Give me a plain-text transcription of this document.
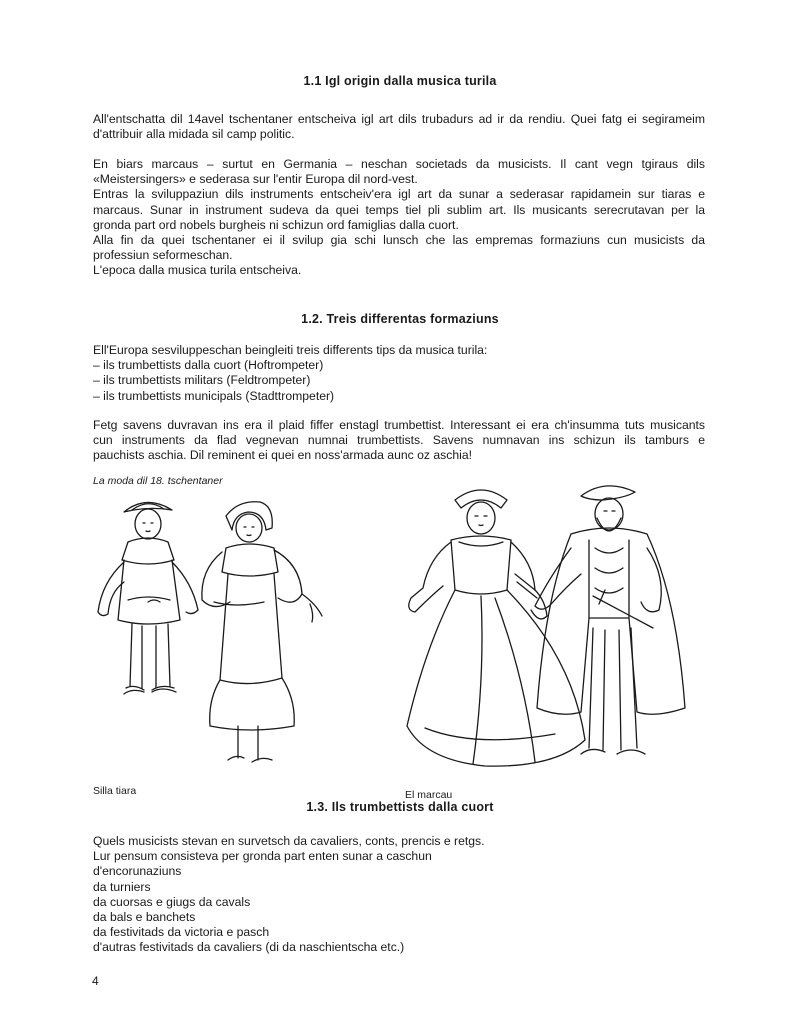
1.1 Igl origin dalla musica turila
All'entschatta dil 14avel tschentaner entscheiva igl art dils trubadurs ad ir da rendiu. Quei fatg ei segirameim
d'attribuir alla midada sil camp politic.
En biars marcaus – surtut en Germania – neschan societads da musicists. Il cant vegn tgiraus dils
«Meistersingers» e sederasa sur l'entir Europa dil nord-vest.
Entras la sviluppaziun dils instruments entscheiv'era igl art da sunar a sederasar rapidamein sur tiaras e
marcaus. Sunar in instrument sudeva da quei temps tiel pli sublim art. Ils musicants serecrutavan per la
gronda part ord nobels burgheis ni schizun ord famiglias dalla cuort.
Alla fin da quei tschentaner ei il svilup gia schi lunsch che las empremas formaziuns cun musicists da
professiun seformeschan.
L'epoca dalla musica turila entscheiva.
1.2. Treis differentas formaziuns
Ell'Europa sesviluppeschan beingleiti treis differents tips da musica turila:
– ils trumbettists dalla cuort (Hoftrompeter)
– ils trumbettists militars (Feldtrompeter)
– ils trumbettists municipals (Stadttrompeter)
Fetg savens duvravan ins era il plaid fiffer enstagl trumbettist. Interessant ei era ch'insumma tuts musicants
cun instruments da flad vegnevan numnai trumbettists. Savens numnavan ins schizun ils tamburs e
pauchists aschia. Dil reminent ei quei en noss'armada aunc oz aschia!
La moda dil 18. tschentaner
Silla tiara	El marcau
1.3. Ils trumbettists dalla cuort
Quels musicists stevan en survetsch da cavaliers, conts, prencis e retgs.
Lur pensum consisteva per gronda part enten sunar a caschun
d'encorunaziuns
da turniers
da cuorsas e giugs da cavals
da bals e banchets
da festivitads da victoria e pasch
d'autras festivitads da cavaliers (di da naschientscha etc.)
4
